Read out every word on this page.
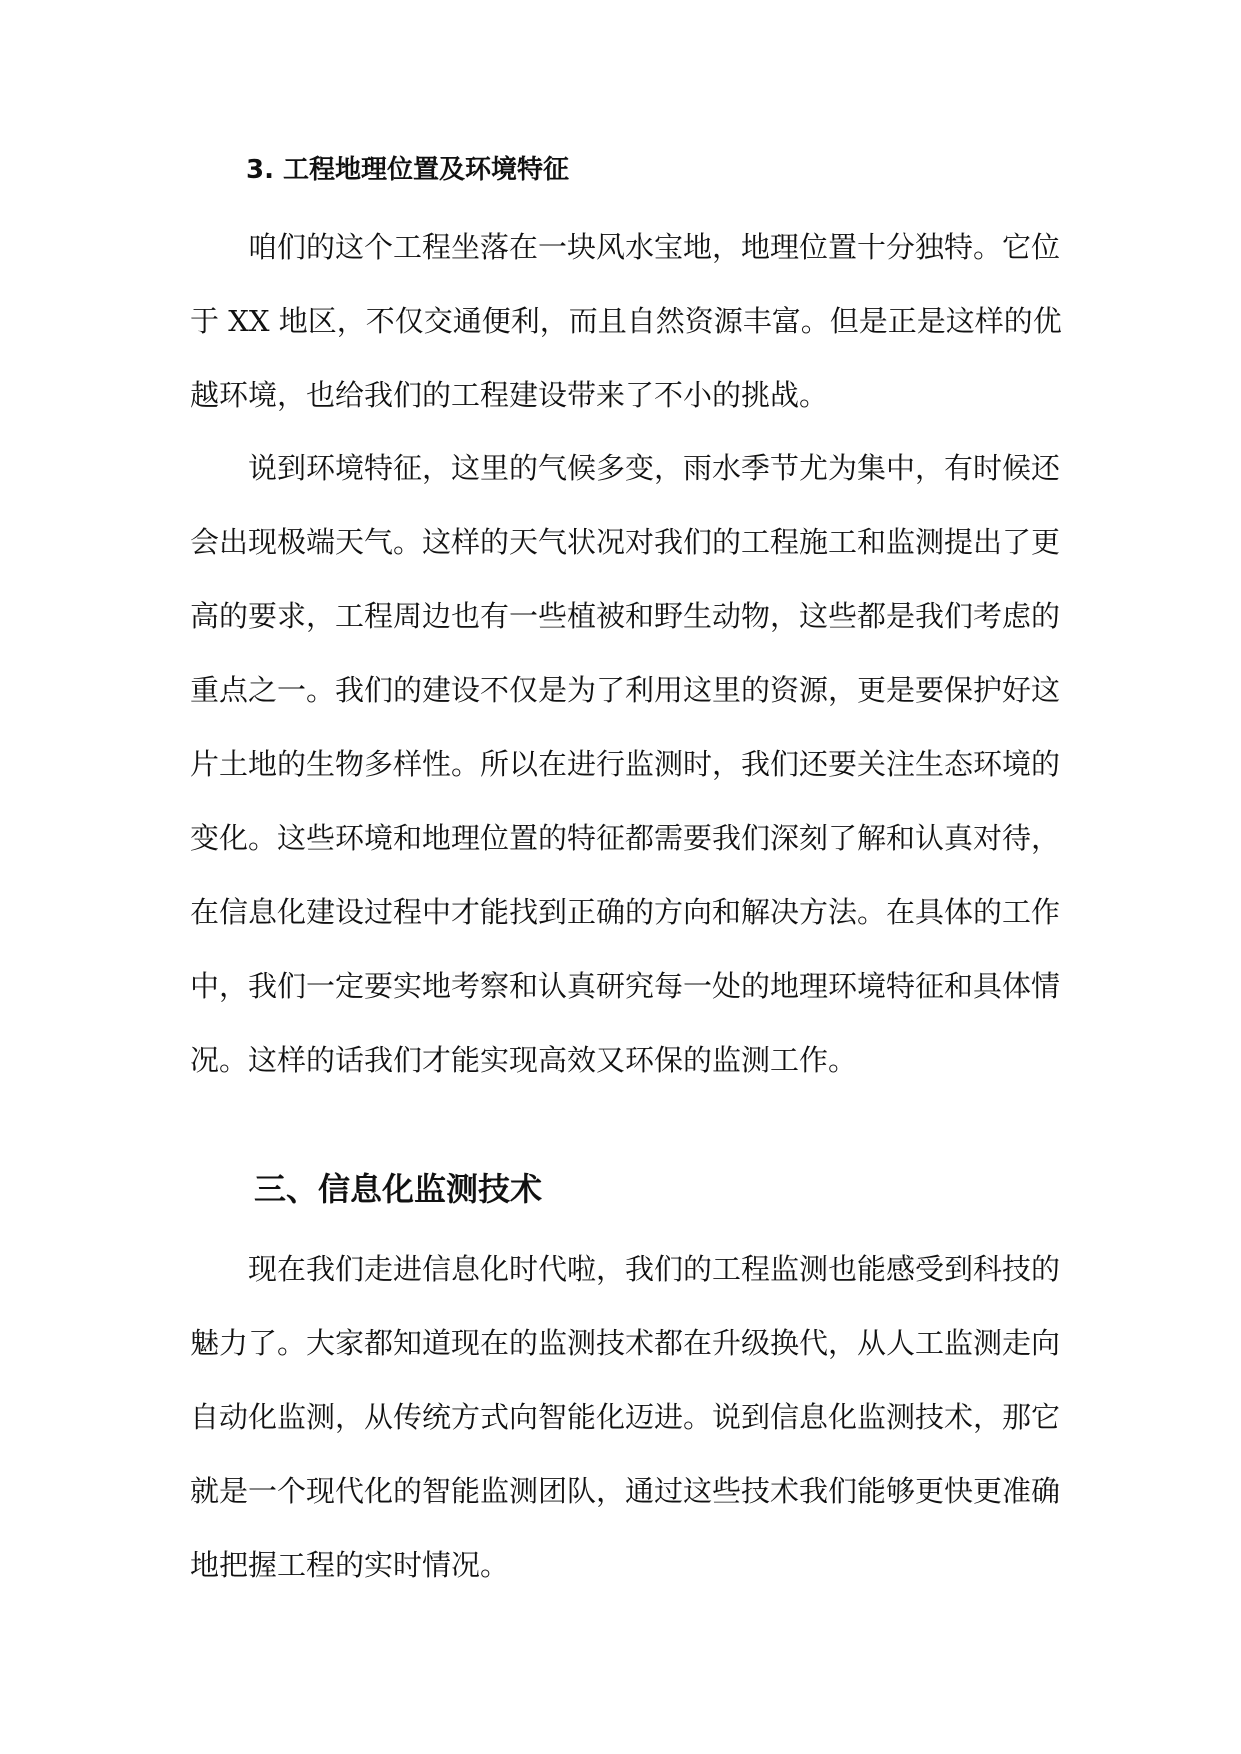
3. 工程地理位置及环境特征
咱们的这个工程坐落在一块风水宝地，地理位置十分独特。它位
于 XX 地区，不仅交通便利，而且自然资源丰富。但是正是这样的优
越环境，也给我们的工程建设带来了不小的挑战。
说到环境特征，这里的气候多变，雨水季节尤为集中，有时候还
会出现极端天气。这样的天气状况对我们的工程施工和监测提出了更
高的要求，工程周边也有一些植被和野生动物，这些都是我们考虑的
重点之一。我们的建设不仅是为了利用这里的资源，更是要保护好这
片土地的生物多样性。所以在进行监测时，我们还要关注生态环境的
变化。这些环境和地理位置的特征都需要我们深刻了解和认真对待，
在信息化建设过程中才能找到正确的方向和解决方法。在具体的工作
中，我们一定要实地考察和认真研究每一处的地理环境特征和具体情
况。这样的话我们才能实现高效又环保的监测工作。
三、信息化监测技术
现在我们走进信息化时代啦，我们的工程监测也能感受到科技的
魅力了。大家都知道现在的监测技术都在升级换代，从人工监测走向
自动化监测，从传统方式向智能化迈进。说到信息化监测技术，那它
就是一个现代化的智能监测团队，通过这些技术我们能够更快更准确
地把握工程的实时情况。
